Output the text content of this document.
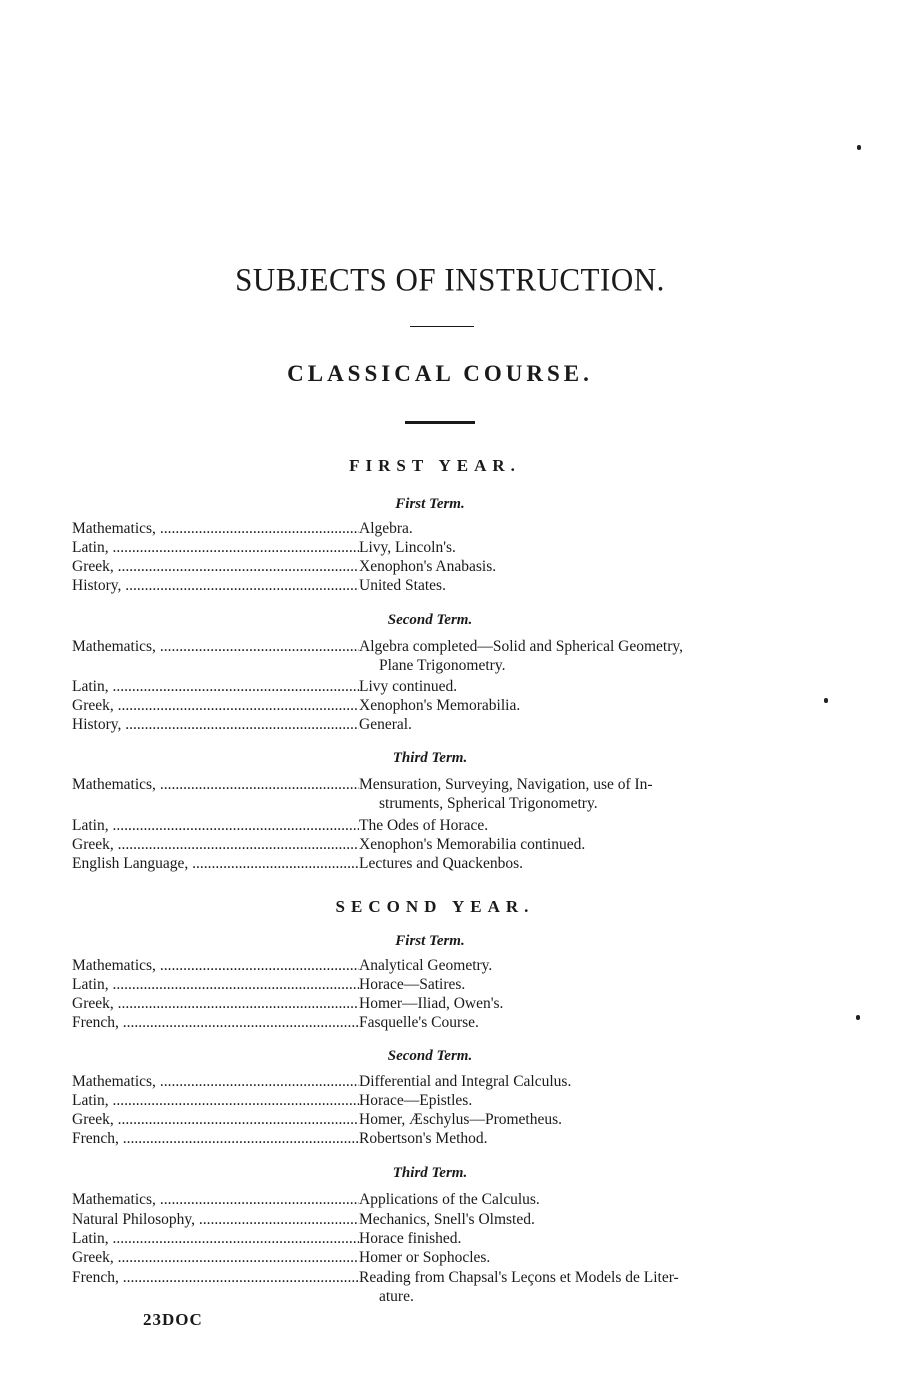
SUBJECTS OF INSTRUCTION.
CLASSICAL COURSE.
FIRST YEAR.
First Term.
Mathematics, .....	Algebra.
Latin, .....	Livy, Lincoln's.
Greek, .....	Xenophon's Anabasis.
History, .....	United States.
Second Term.
Mathematics, .....	Algebra completed—Solid and Spherical Geometry,
Plane Trigonometry.
Latin, .....	Livy continued.
Greek, .....	Xenophon's Memorabilia.
History, .....	General.
Third Term.
Mathematics, .....	Mensuration, Surveying, Navigation, use of In-
struments, Spherical Trigonometry.
Latin, .....	The Odes of Horace.
Greek, .....	Xenophon's Memorabilia continued.
English Language, .....	Lectures and Quackenbos.
SECOND YEAR.
First Term.
Mathematics, .....	Analytical Geometry.
Latin, .....	Horace—Satires.
Greek, .....	Homer—Iliad, Owen's.
French, .....	Fasquelle's Course.
Second Term.
Mathematics, .....	Differential and Integral Calculus.
Latin, .....	Horace—Epistles.
Greek, .....	Homer, Æschylus—Prometheus.
French, .....	Robertson's Method.
Third Term.
Mathematics, .....	Applications of the Calculus.
Natural Philosophy, .....	Mechanics, Snell's Olmsted.
Latin, .....	Horace finished.
Greek, .....	Homer or Sophocles.
French, .....	Reading from Chapsal's Leçons et Models de Liter-
ature.
23DOC
